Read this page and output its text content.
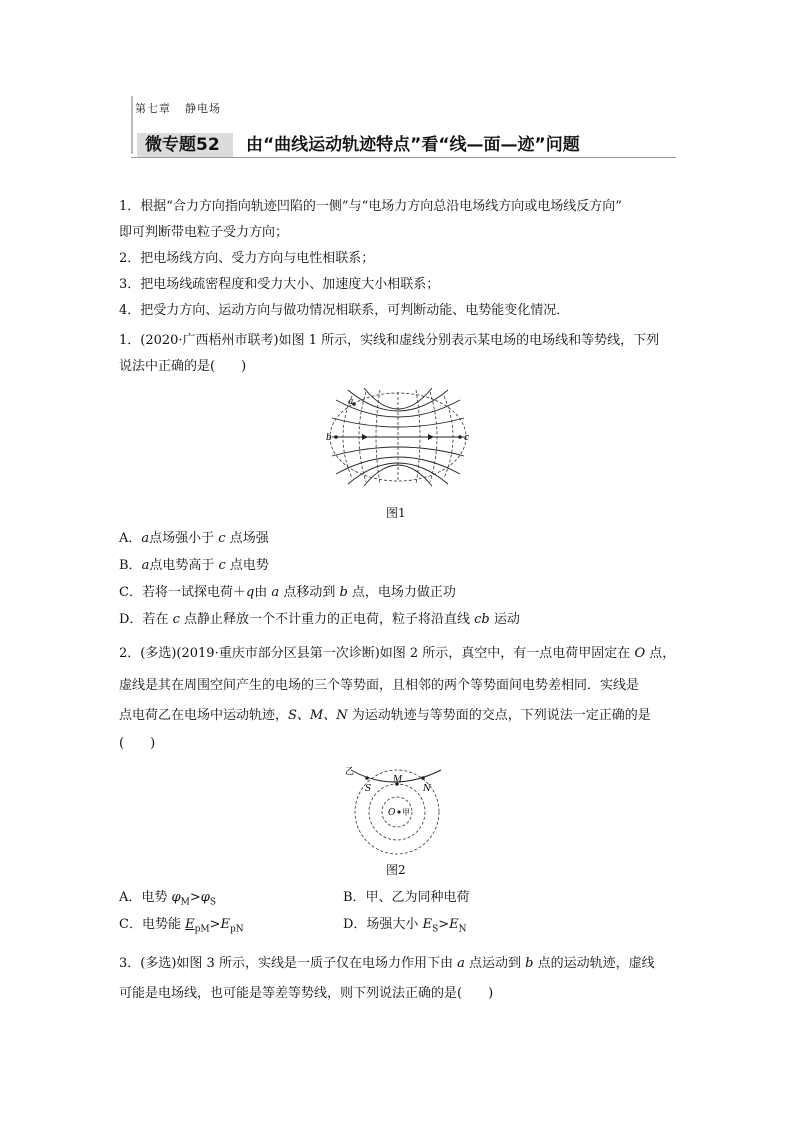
第七章 静电场
微专题52	由“曲线运动轨迹特点”看“线—面—迹”问题
1．根据“合力方向指向轨迹凹陷的一侧”与“电场力方向总沿电场线方向或电场线反方向”
即可判断带电粒子受力方向；
2．把电场线方向、受力方向与电性相联系；
3．把电场线疏密程度和受力大小、加速度大小相联系；
4．把受力方向、运动方向与做功情况相联系，可判断动能、电势能变化情况．
1．(2020·广西梧州市联考)如图 1 所示，实线和虚线分别表示某电场的电场线和等势线，下列
说法中正确的是(　　)
a
b	c
图1
A．a点场强小于 c 点场强
B．a点电势高于 c 点电势
C．若将一试探电荷＋q由 a 点移动到 b 点，电场力做正功
D．若在 c 点静止释放一个不计重力的正电荷，粒子将沿直线 cb 运动
2．(多选)(2019·重庆市部分区县第一次诊断)如图 2 所示，真空中，有一点电荷甲固定在 O 点，
虚线是其在周围空间产生的电场的三个等势面，且相邻的两个等势面间电势差相同．实线是
点电荷乙在电场中运动轨迹，S、M、N 为运动轨迹与等势面的交点，下列说法一定正确的是
(　　)
乙
S
M
N
O 甲
图2
A．电势 $\varphi_M>\varphi_S$	B．甲、乙为同种电荷
C．电势能 $E_{pM}>E_{pN}$	D．场强大小 $E_S>E_N$
3．(多选)如图 3 所示，实线是一质子仅在电场力作用下由 a 点运动到 b 点的运动轨迹，虚线
可能是电场线，也可能是等差等势线，则下列说法正确的是(　　)
